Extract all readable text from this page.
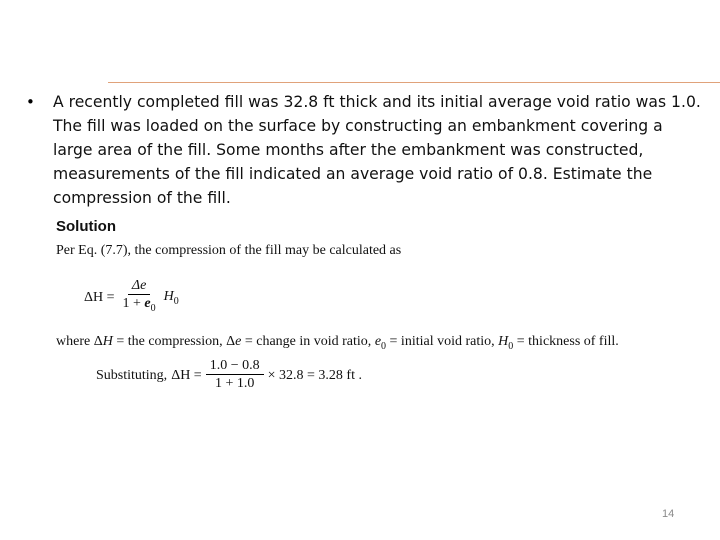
• A recently completed fill was 32.8 ft thick and its initial average void ratio was 1.0. The fill was loaded on the surface by constructing an embankment covering a large area of the fill. Some months after the embankment was constructed, measurements of the fill indicated an average void ratio of 0.8. Estimate the compression of the fill.
Solution
Per Eq. (7.7), the compression of the fill may be calculated as
$\Delta H = \frac{\Delta e}{1 + e_0} H_0$
where ΔH = the compression, Δe = change in void ratio, $e_0$ = initial void ratio, $H_0$ = thickness of fill.
Substituting, $\Delta H = \frac{1.0 - 0.8}{1 + 1.0} \times 32.8 = 3.28$ ft .
14
